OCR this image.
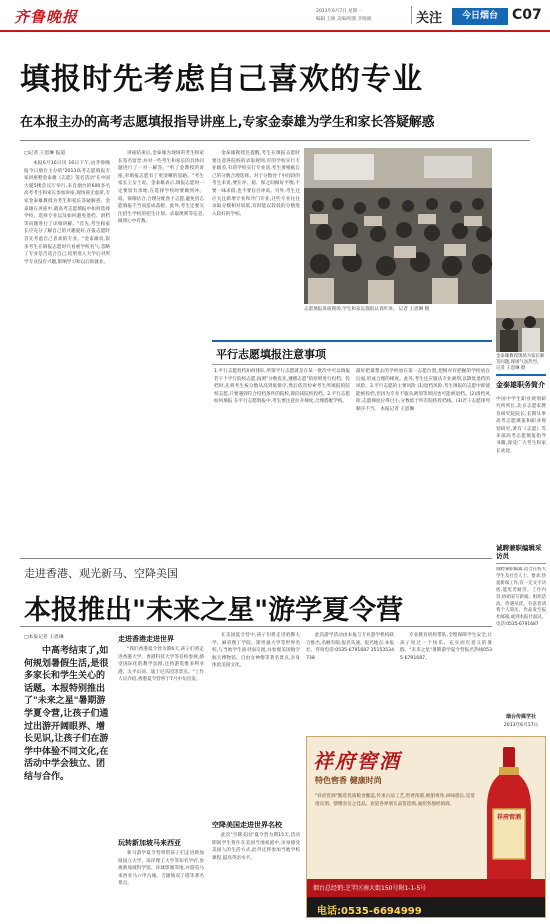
齐鲁晚报	2013年6月7日 星期一
编辑 王俊 美编/组版 李晓晓	关注	今日烟台	C07
填报时先考虑自己喜欢的专业
在本报主办的高考志愿填报指导讲座上,专家金泰雄为学生和家长答疑解惑
□记者 王恩琳 报道

本报6月16日讯 16日下午,由齐鲁晚报今日烟台主办的"2013高考志愿填报专家讲座暨金泰雄《志愿》签名活动"在中国大厦5楼会议厅举行,来自烟台的600多名高考考生和家长参加讲座,现场座无虚席,专家金泰雄教授为考生和家长答疑解惑。金泰雄在讲座中,就高考志愿填报中如何选择学校、选择专业以及如何避免退档、滑档等问题进行了详细讲解。"首先,考生和家长应充分了解自己的兴趣爱好,在报志愿时首先考虑自己喜欢的专业。"金泰雄说,很多考生在填报志愿时只看重学校名气,忽略了专业是否适合自己,结果进入大学后对所学专业没有兴趣,影响学习和以后的就业。

讲座结束后,金泰雄为现场的考生和家长签名留念,并对一些考生和家长的具体问题进行了一对一解答。"听了金教授的讲座,对填报志愿有了更清晰的思路。"考生家长王女士说。金泰雄表示,填报志愿时一定要留有余地,在选择学校时要做到冲、稳、保相结合,合理分配各个志愿,避免因志愿填报不当而造成落榜。此外,考生还要关注招生学校的招生计划、录取规则等信息,做到心中有数。

金泰雄教授还提醒,考生在填报志愿时要注意各院校的录取规则,有的学校实行专业级差,有的学校实行专业清,考生要根据自己的分数合理选择。对于分数处于中间段的考生来说,要在冲、稳、保之间做好平衡,不要一味求稳,也不要盲目冲高。另外,考生还应关注新增专业和冷门专业,这些专业往往录取分数相对较低,有时能以较低的分数进入较好的学校。

志愿填报讲座现场,学生和家长都很认真听讲。 记者 王恩琳 摄
金泰雄教授现场为家长解答问题,现场气氛热烈。 记者 王恩琳 摄
金泰雄职务简介
中国中学生职业规划研究所所长,北京志愿家教育研究院院长,长期从事高考志愿填报和职业规划研究,著有《志愿》等多部高考志愿填报指导书籍,深受广大考生和家长欢迎。
平行志愿填报注意事项
1.平行志愿投档如何排队 所谓平行志愿就是在某一批次中可以填报若干个平行院校志愿,按照"分数优先,遵循志愿"的原则进行投档。投档时,先将考生按分数从高到低排序,然后依次检索考生所填报的院校志愿,只要遇到符合投档条件的院校,即向该院校投档。2.平行志愿如何填报 在平行志愿填报中,考生要注意拉开梯度,合理搭配学校。
最好把最想去的学校放在第一志愿位置,把相对有把握的学校放在后面,形成合理的梯度。此外,考生还应服从专业调剂,以降低退档的风险。3.平行志愿的主要风险 (1)退档风险,考生填报的志愿中即使能被投档,但因为专业不服从调剂等原因也可能被退档。(2)滑档风险,志愿梯度拉得过小,分数低于所有院校投档线。(3)若干志愿排列顺序不当。 本报记者 王恩琳
诚聘兼职编辑采访员
诚聘兼职编辑,适合在校大学生及社会人士。要求:热爱新闻工作,有一定文字功底,能吃苦耐劳。工作内容:协助采写新闻、组织活动。待遇从优。有意者请将个人简历、作品发至报社邮箱,或到本报社面试。电话:0535-6791687
烟台传媒学社
2013年6月17日
走进香港、观光新马、空降美国
本报推出"未来之星"游学夏令营
□本报记者 王恩琳
中高考结束了,如何规划暑假生活,是很多家长和学生关心的话题。本报特别推出了"未来之星"暑期游学夏令营,让孩子们通过出游开阔眼界、增长见识,让孩子们在游学中体验不同文化,在活动中学会独立、团结与合作。
走进香港走进世界

"我们香港夏令营为期6天,孩子们将走进香港大学、香港科技大学等名校参观,感受国际化的教学氛围,还将游览维多利亚港、太平山顶、迪士尼乐园等景点。"工作人员介绍,香港夏令营将于7月中旬出发。

玩转新加坡马来西亚

新马游学夏令营将带孩子们走进新加坡国立大学、南洋理工大学等知名学府,参观新加坡科学馆、环球影城等地,并游览马来西亚马六甲古城、吉隆坡双子塔等著名景点。

在美国夏令营中,孩子们将走进哈佛大学、麻省理工学院、斯坦福大学等世界名校,与当地学生面对面交流,并参观美国航空航天博物馆、自由女神像等著名景点,亲身体验美国文化。

空降美国走进世界名校

此次"空降美国"夏令营为期15天,活动期间学生将住在美国当地家庭中,亲身感受美国人的生活方式,此外还将参加当地学校课程,提高英语水平。

此次游学活动由本报与专业游学机构联合推出,名额有限,报名从速。报名地点:本报社。咨询电话:0535-6791687 15153534738

专业教育机构带队,全程保障学生安全,让孩子度过一个快乐、充实而有意义的暑假。"未来之星"暑期游学夏令营报名热线0535-6791687。

祥府窖酒
特色窖香 健康时尚
"祥府窖酒"甄选优质粮食酿造,传承古法工艺,窖香浓郁,绵甜爽净,回味悠长,是宴请宾朋、馈赠亲友之佳品。欢迎各界朋友品鉴选购,诚招各地经销商。
祥府窖酒
烟台总经销:芝罘区南大街150号附1-1-5号
电话:0535-6694999
